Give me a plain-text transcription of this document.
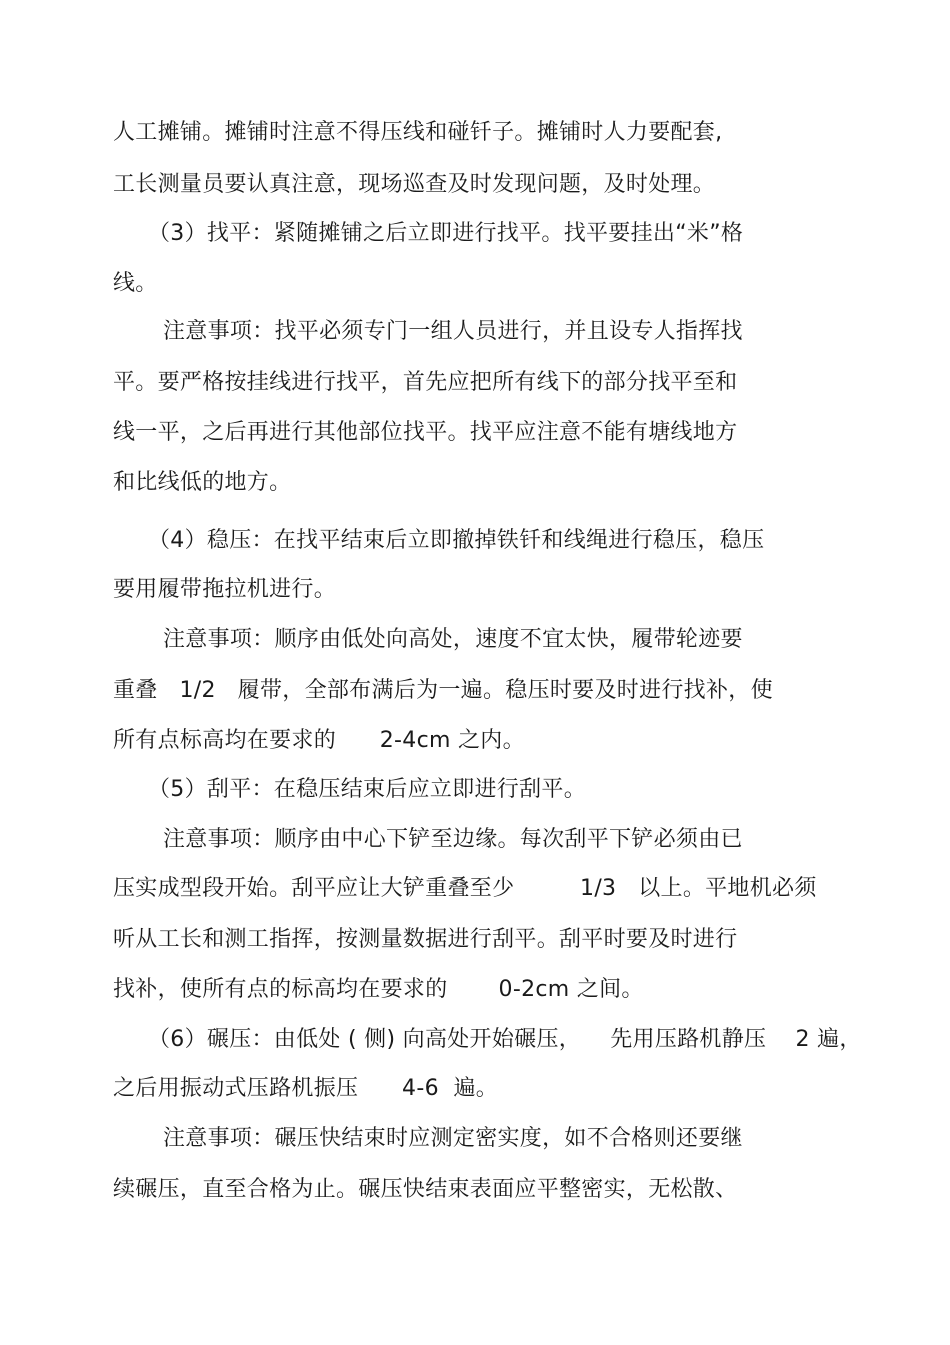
人工摊铺。摊铺时注意不得压线和碰钎子。摊铺时人力要配套,
工长测量员要认真注意，现场巡查及时发现问题，及时处理。
（3）找平：紧随摊铺之后立即进行找平。找平要挂出“米”格
线。
注意事项：找平必须专门一组人员进行，并且设专人指挥找
平。要严格按挂线进行找平，首先应把所有线下的部分找平至和
线一平，之后再进行其他部位找平。找平应注意不能有塘线地方
和比线低的地方。
（4）稳压：在找平结束后立即撤掉铁钎和线绳进行稳压，稳压
要用履带拖拉机进行。
注意事项：顺序由低处向高处，速度不宜太快，履带轮迹要
重叠   1/2   履带，全部布满后为一遍。稳压时要及时进行找补，使
所有点标高均在要求的      2-4cm 之内。
（5）刮平：在稳压结束后应立即进行刮平。
注意事项：顺序由中心下铲至边缘。每次刮平下铲必须由已
压实成型段开始。刮平应让大铲重叠至少         1/3   以上。平地机必须
听从工长和测工指挥，按测量数据进行刮平。刮平时要及时进行
找补，使所有点的标高均在要求的       0-2cm 之间。
（6）碾压：由低处 ( 侧) 向高处开始碾压，    先用压路机静压    2 遍，
之后用振动式压路机振压      4-6  遍。
注意事项：碾压快结束时应测定密实度，如不合格则还要继
续碾压，直至合格为止。碾压快结束表面应平整密实，无松散、
